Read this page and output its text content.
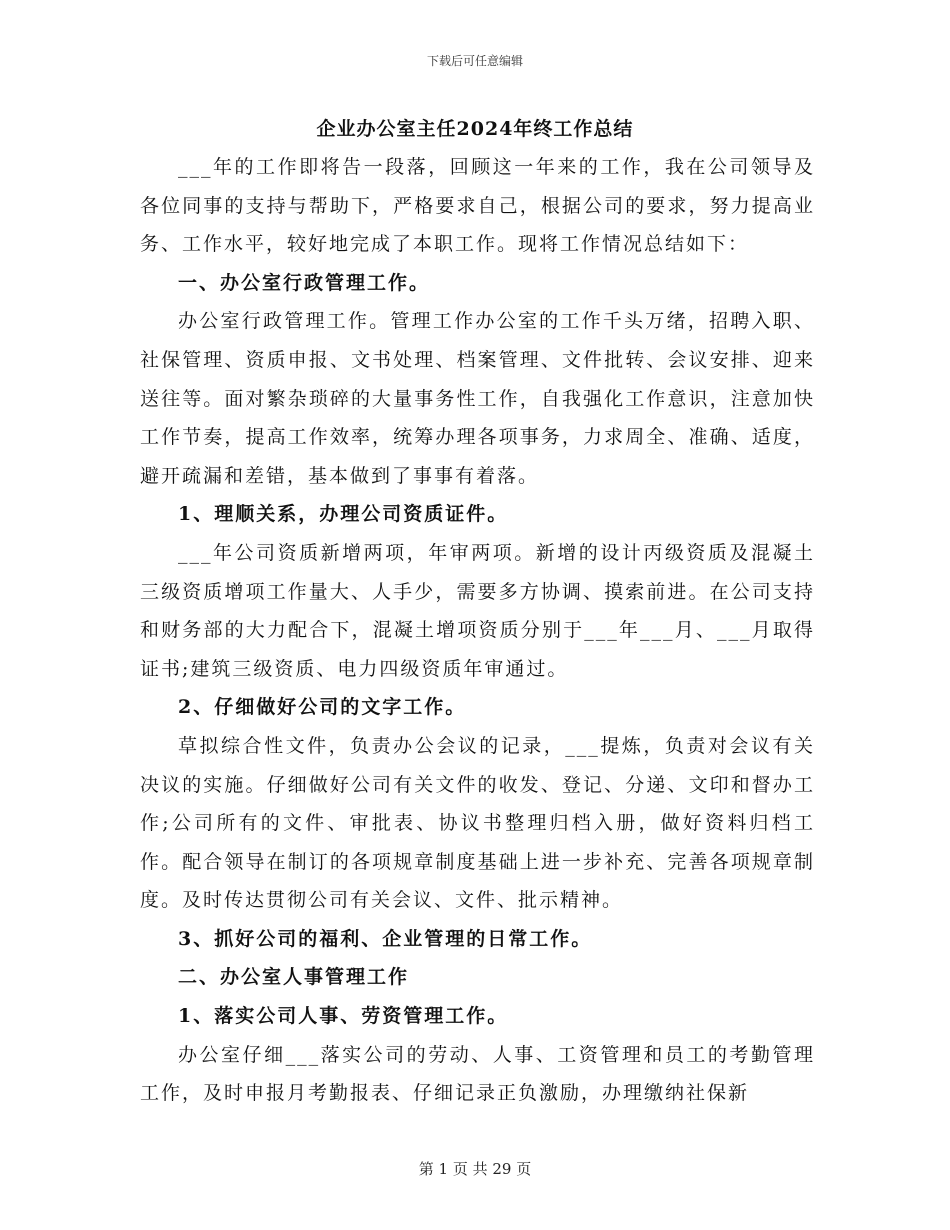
下载后可任意编辑
企业办公室主任2024年终工作总结

___年的工作即将告一段落，回顾这一年来的工作，我在公司领导及各位同事的支持与帮助下，严格要求自己，根据公司的要求，努力提高业务、工作水平，较好地完成了本职工作。现将工作情况总结如下：

一、办公室行政管理工作。

办公室行政管理工作。管理工作办公室的工作千头万绪，招聘入职、社保管理、资质申报、文书处理、档案管理、文件批转、会议安排、迎来送往等。面对繁杂琐碎的大量事务性工作，自我强化工作意识，注意加快工作节奏，提高工作效率，统筹办理各项事务，力求周全、准确、适度，避开疏漏和差错，基本做到了事事有着落。

1、理顺关系，办理公司资质证件。

___年公司资质新增两项，年审两项。新增的设计丙级资质及混凝土三级资质增项工作量大、人手少，需要多方协调、摸索前进。在公司支持和财务部的大力配合下，混凝土增项资质分别于___年___月、___月取得证书;建筑三级资质、电力四级资质年审通过。

2、仔细做好公司的文字工作。

草拟综合性文件，负责办公会议的记录，___提炼，负责对会议有关决议的实施。仔细做好公司有关文件的收发、登记、分递、文印和督办工作;公司所有的文件、审批表、协议书整理归档入册，做好资料归档工作。配合领导在制订的各项规章制度基础上进一步补充、完善各项规章制度。及时传达贯彻公司有关会议、文件、批示精神。

3、抓好公司的福利、企业管理的日常工作。

二、办公室人事管理工作

1、落实公司人事、劳资管理工作。

办公室仔细___落实公司的劳动、人事、工资管理和员工的考勤管理工作，及时申报月考勤报表、仔细记录正负激励，办理缴纳社保新

第 1 页 共 29 页
